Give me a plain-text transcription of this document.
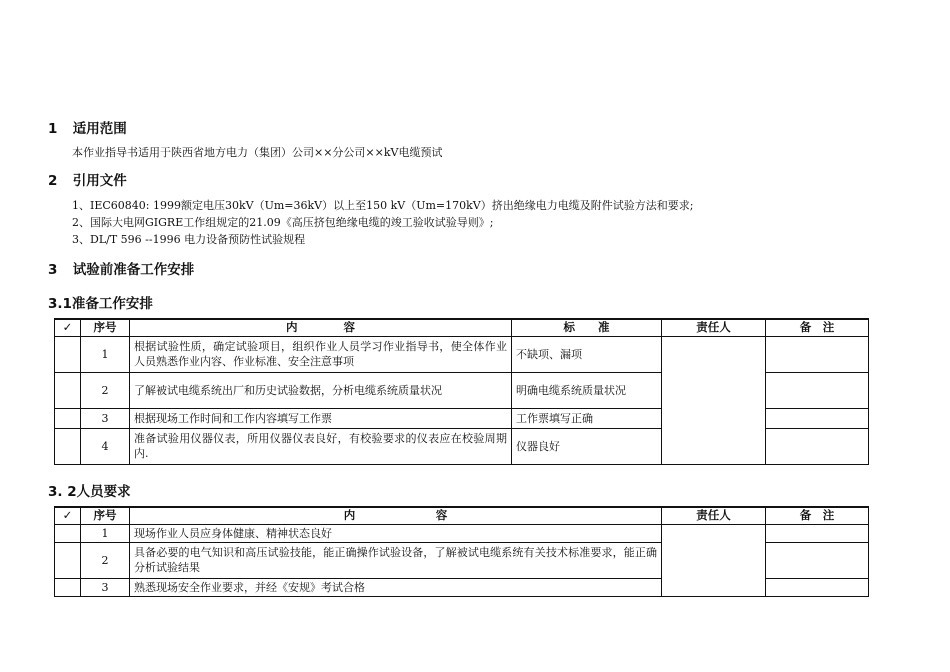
1 适用范围
本作业指导书适用于陕西省地方电力（集团）公司××分公司××kV电缆预试
2 引用文件
1、IEC60840: 1999额定电压30kV（Um=36kV）以上至150 kV（Um=170kV）挤出绝缘电力电缆及附件试验方法和要求;
2、国际大电网GIGRE工作组规定的21.09《高压挤包绝缘电缆的竣工验收试验导则》;
3、DL/T 596 --1996 电力设备预防性试验规程
3 试验前准备工作安排
3.1准备工作安排
✓	序号	内　　　　容	标　　准	责任人	备　注
	1	根据试验性质，确定试验项目，组织作业人员学习作业指导书，使全体作业人员熟悉作业内容、作业标准、安全注意事项	不缺项、漏项		
	2	了解被试电缆系统出厂和历史试验数据，分析电缆系统质量状况	明确电缆系统质量状况		
	3	根据现场工作时间和工作内容填写工作票	工作票填写正确		
	4	准备试验用仪器仪表，所用仪器仪表良好，有校验要求的仪表应在校验周期内.	仪器良好		
3. 2人员要求
✓	序号	内　　　　　　　容	责任人	备　注
	1	现场作业人员应身体健康、精神状态良好		
	2	具备必要的电气知识和高压试验技能，能正确操作试验设备，了解被试电缆系统有关技术标准要求，能正确分析试验结果		
	3	熟悉现场安全作业要求，并经《安规》考试合格		
